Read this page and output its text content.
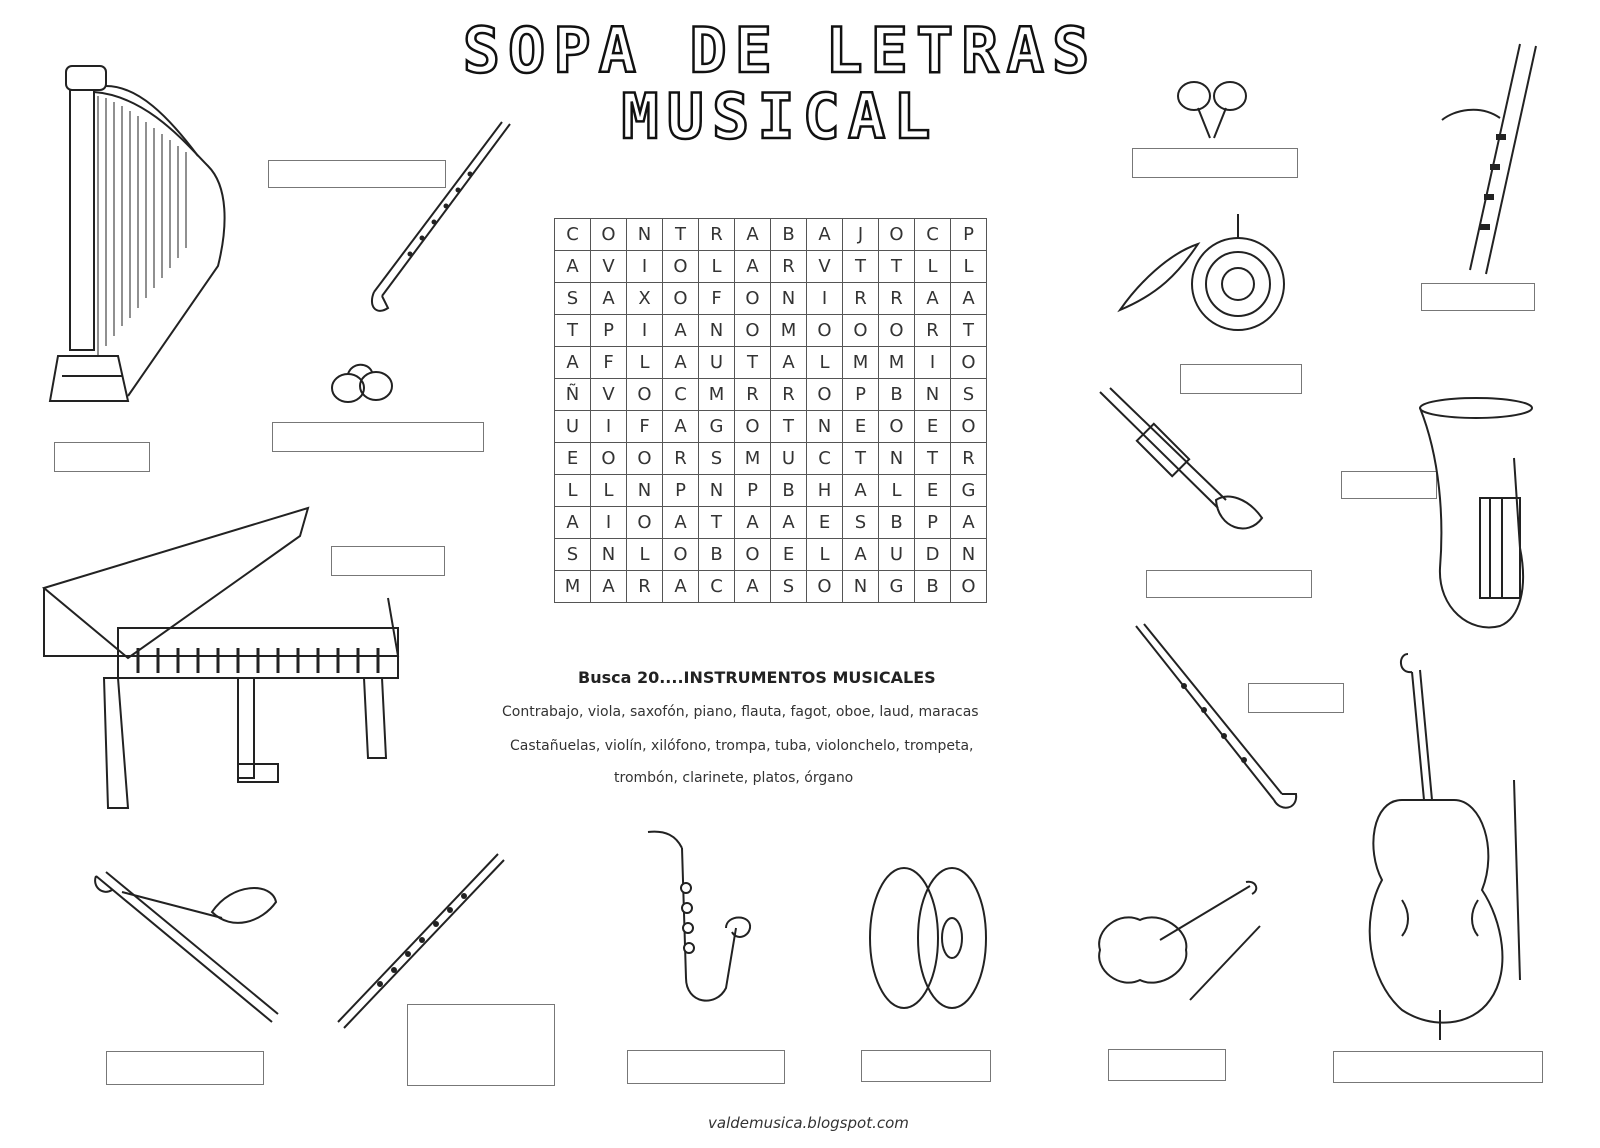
SOPA DE LETRAS
MUSICAL
C	O	N	T	R	A	B	A	J	O	C	P
A	V	I	O	L	A	R	V	T	T	L	L
S	A	X	O	F	O	N	I	R	R	A	A
T	P	I	A	N	O	M	O	O	O	R	T
A	F	L	A	U	T	A	L	M	M	I	O
Ñ	V	O	C	M	R	R	O	P	B	N	S
U	I	F	A	G	O	T	N	E	O	E	O
E	O	O	R	S	M	U	C	T	N	T	R
L	L	N	P	N	P	B	H	A	L	E	G
A	I	O	A	T	A	A	E	S	B	P	A
S	N	L	O	B	O	E	L	A	U	D	N
M	A	R	A	C	A	S	O	N	G	B	O
Busca 20....INSTRUMENTOS MUSICALES
Contrabajo, viola, saxofón, piano, flauta, fagot, oboe, laud, maracas
Castañuelas, violín, xilófono, trompa, tuba, violonchelo, trompeta,
trombón, clarinete, platos, órgano
valdemusica.blogspot.com
